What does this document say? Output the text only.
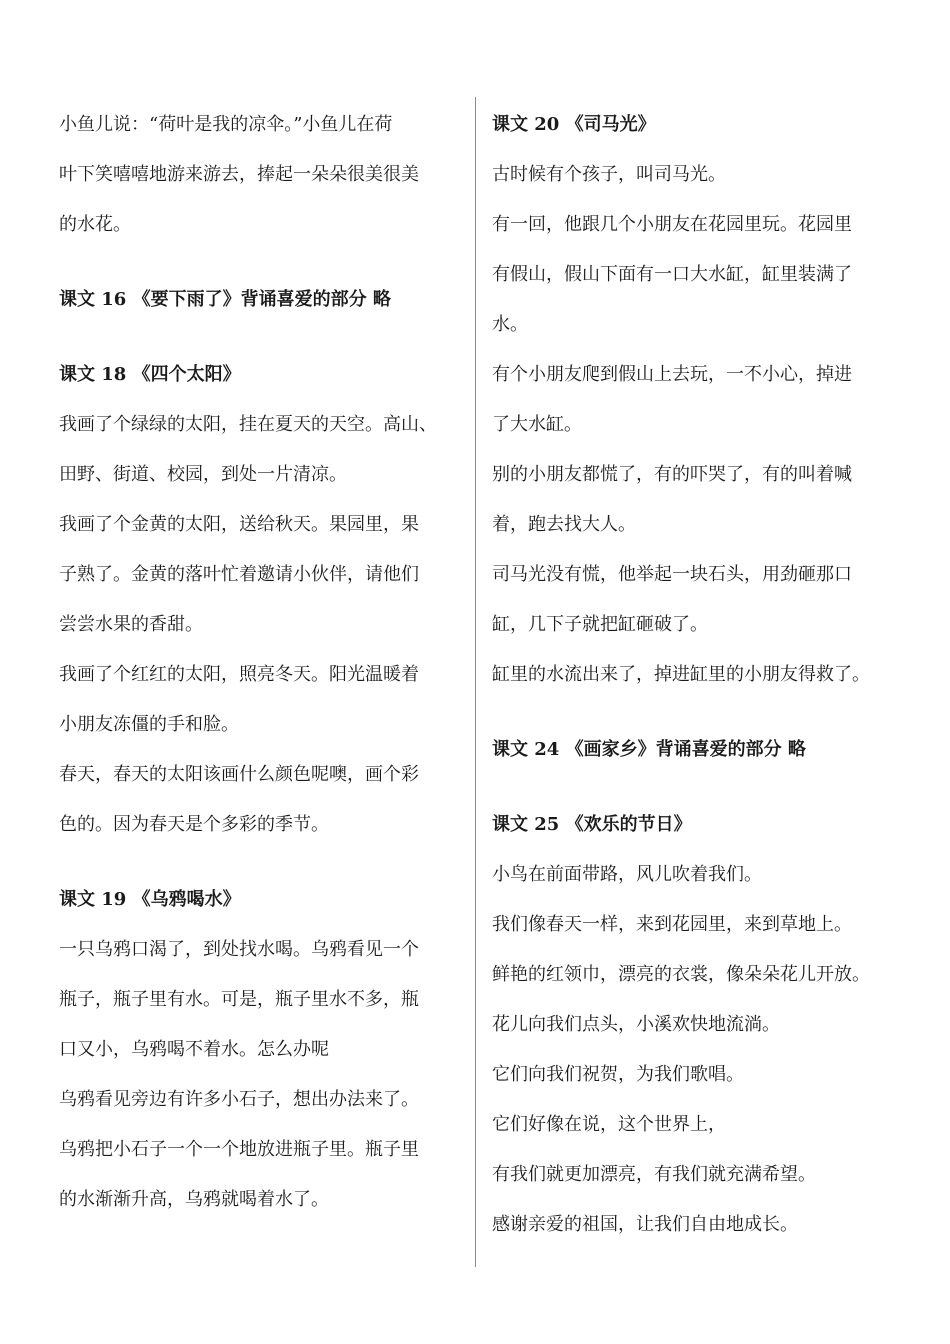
小鱼儿说：“荷叶是我的凉伞。”小鱼儿在荷
叶下笑嘻嘻地游来游去，捧起一朵朵很美很美
的水花。
课文 16 《要下雨了》背诵喜爱的部分 略
课文 18 《四个太阳》
我画了个绿绿的太阳，挂在夏天的天空。高山、
田野、街道、校园，到处一片清凉。
我画了个金黄的太阳，送给秋天。果园里，果
子熟了。金黄的落叶忙着邀请小伙伴，请他们
尝尝水果的香甜。
我画了个红红的太阳，照亮冬天。阳光温暖着
小朋友冻僵的手和脸。
春天，春天的太阳该画什么颜色呢噢，画个彩
色的。因为春天是个多彩的季节。
课文 19 《乌鸦喝水》
一只乌鸦口渴了，到处找水喝。乌鸦看见一个
瓶子，瓶子里有水。可是，瓶子里水不多，瓶
口又小，乌鸦喝不着水。怎么办呢
乌鸦看见旁边有许多小石子，想出办法来了。
乌鸦把小石子一个一个地放进瓶子里。瓶子里
的水渐渐升高，乌鸦就喝着水了。
课文 20 《司马光》
古时候有个孩子，叫司马光。
有一回，他跟几个小朋友在花园里玩。花园里
有假山，假山下面有一口大水缸，缸里装满了
水。
有个小朋友爬到假山上去玩，一不小心，掉进
了大水缸。
别的小朋友都慌了，有的吓哭了，有的叫着喊
着，跑去找大人。
司马光没有慌，他举起一块石头，用劲砸那口
缸，几下子就把缸砸破了。
缸里的水流出来了，掉进缸里的小朋友得救了。
课文 24 《画家乡》背诵喜爱的部分 略
课文 25 《欢乐的节日》
小鸟在前面带路，风儿吹着我们。
我们像春天一样，来到花园里，来到草地上。
鲜艳的红领巾，漂亮的衣裳，像朵朵花儿开放。
花儿向我们点头，小溪欢快地流淌。
它们向我们祝贺，为我们歌唱。
它们好像在说，这个世界上，
有我们就更加漂亮，有我们就充满希望。
感谢亲爱的祖国，让我们自由地成长。
